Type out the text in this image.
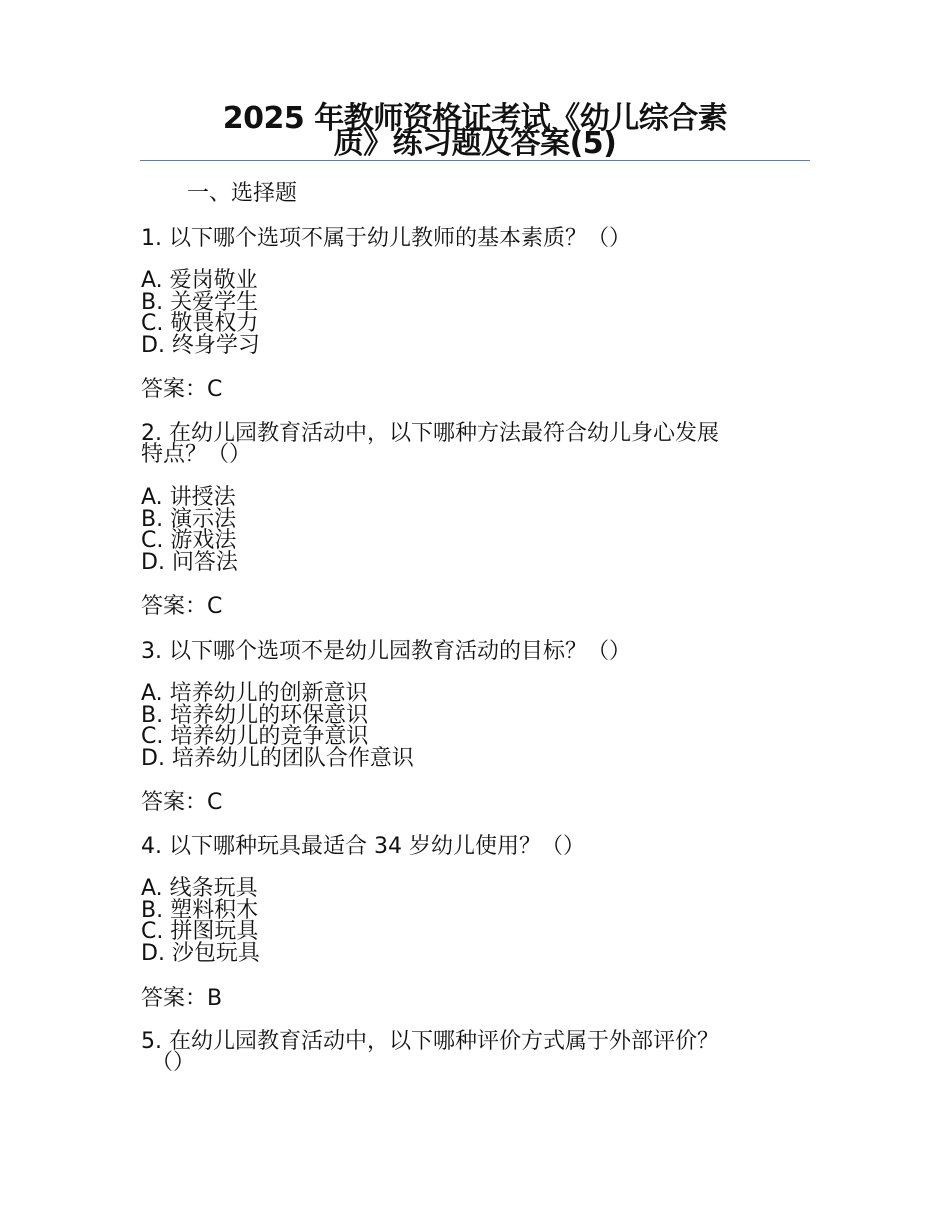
2025 年教师资格证考试《幼儿综合素
质》练习题及答案(5)
一、选择题
1. 以下哪个选项不属于幼儿教师的基本素质？（）
A. 爱岗敬业
B. 关爱学生
C. 敬畏权力
D. 终身学习
答案：C
2. 在幼儿园教育活动中，以下哪种方法最符合幼儿身心发展
特点？（）
A. 讲授法
B. 演示法
C. 游戏法
D. 问答法
答案：C
3. 以下哪个选项不是幼儿园教育活动的目标？（）
A. 培养幼儿的创新意识
B. 培养幼儿的环保意识
C. 培养幼儿的竞争意识
D. 培养幼儿的团队合作意识
答案：C
4. 以下哪种玩具最适合 34 岁幼儿使用？（）
A. 线条玩具
B. 塑料积木
C. 拼图玩具
D. 沙包玩具
答案：B
5. 在幼儿园教育活动中，以下哪种评价方式属于外部评价？
（）
